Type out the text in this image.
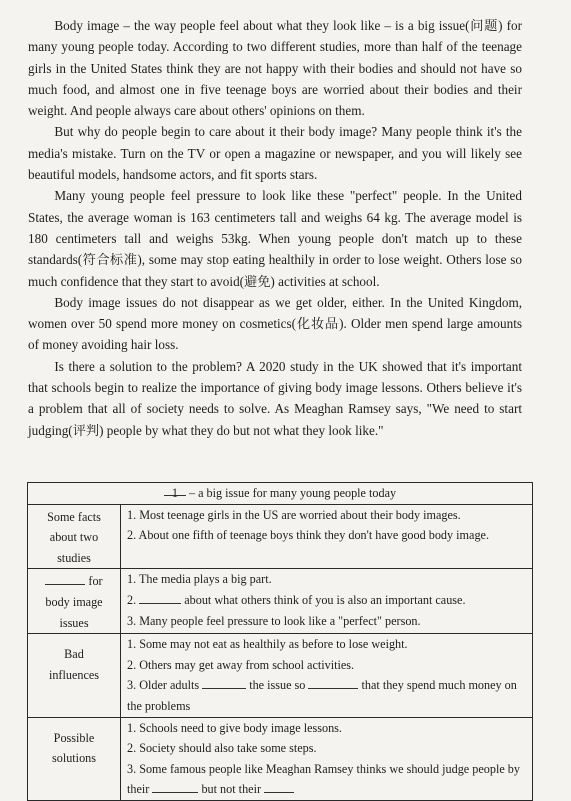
Body image – the way people feel about what they look like – is a big issue(问题) for many young people today. According to two different studies, more than half of the teenage girls in the United States think they are not happy with their bodies and should not have so much food, and almost one in five teenage boys are worried about their bodies and their weight. And people always care about others' opinions on them.

But why do people begin to care about it their body image? Many people think it's the media's mistake. Turn on the TV or open a magazine or newspaper, and you will likely see beautiful models, handsome actors, and fit sports stars.

Many young people feel pressure to look like these "perfect" people. In the United States, the average woman is 163 centimeters tall and weighs 64 kg. The average model is 180 centimeters tall and weighs 53kg. When young people don't match up to these standards(符合标准), some may stop eating healthily in order to lose weight. Others lose so much confidence that they start to avoid(避免) activities at school.

Body image issues do not disappear as we get older, either. In the United Kingdom, women over 50 spend more money on cosmetics(化妆品). Older men spend large amounts of money avoiding hair loss.

Is there a solution to the problem? A 2020 study in the UK showed that it's important that schools begin to realize the importance of giving body image lessons. Others believe it's a problem that all of society needs to solve. As Meaghan Ramsey says, "We need to start judging(评判) people by what they do but not what they look like."

1 – a big issue for many young people today	

Some facts
about two
studies	1. Most teenage girls in the US are worried about their body images.
2. About one fifth of teenage boys think they don't have good body image.

for
body image
issues	1. The media plays a big part.
2. about what others think of you is also an important cause.
3. Many people feel pressure to look like a "perfect" person.

Bad
influences	1. Some may not eat as healthily as before to lose weight.
2. Others may get away from school activities.
3. Older adults the issue so that they spend much money on the problems

Possible
solutions	1. Schools need to give body image lessons.
2. Society should also take some steps.
3. Some famous people like Meaghan Ramsey thinks we should judge people by their but not their
